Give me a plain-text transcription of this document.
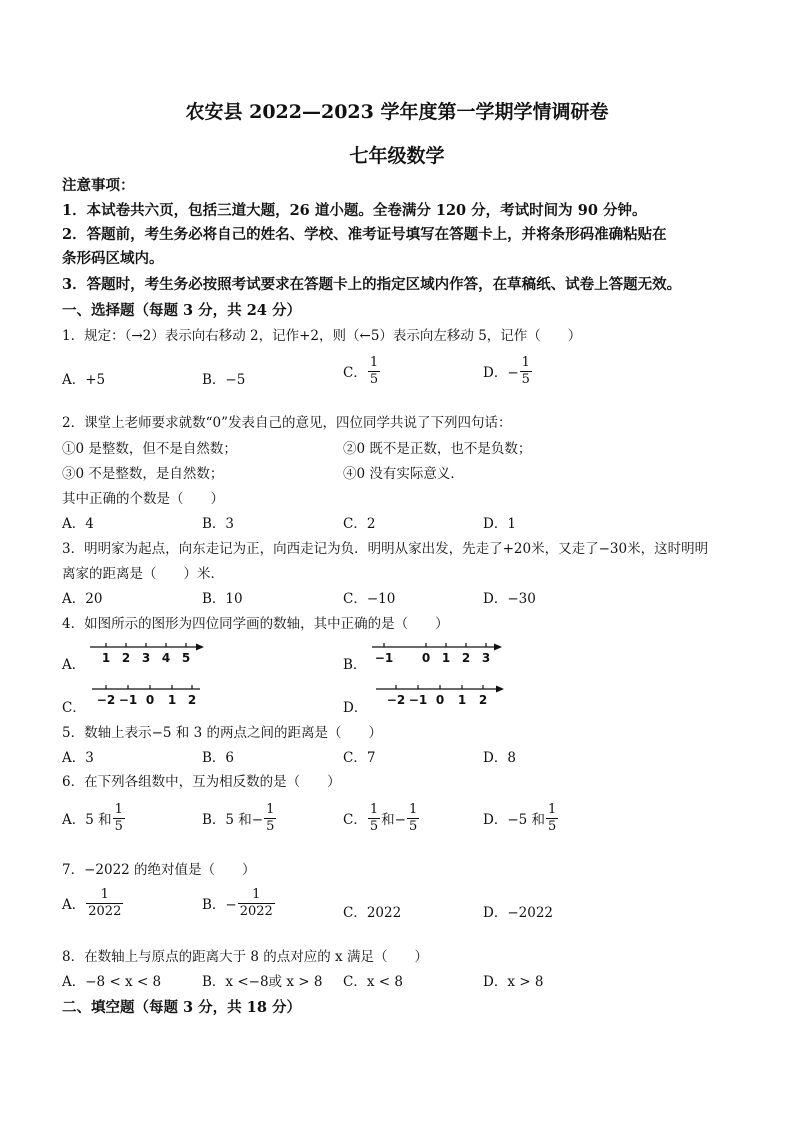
农安县 2022—2023 学年度第一学期学情调研卷
七年级数学
注意事项：
1．本试卷共六页，包括三道大题，26 道小题。全卷满分 120 分，考试时间为 90 分钟。
2．答题前，考生务必将自己的姓名、学校、准考证号填写在答题卡上，并将条形码准确粘贴在
条形码区域内。
3．答题时，考生务必按照考试要求在答题卡上的指定区域内作答，在草稿纸、试卷上答题无效。
一、选择题（每题 3 分，共 24 分）
1．规定：（→2）表示向右移动 2，记作+2，则（←5）表示向左移动 5，记作（　　）
A．+5	B．−5	C． $\frac{1}{5}$	D．− $\frac{1}{5}$
2．课堂上老师要求就数“0”发表自己的意见，四位同学共说了下列四句话：
①0 是整数，但不是自然数；	②0 既不是正数，也不是负数；
③0 不是整数，是自然数；	④0 没有实际意义．
其中正确的个数是（　　）
A．4	B．3	C．2	D．1
3．明明家为起点，向东走记为正，向西走记为负．明明从家出发，先走了+20米，又走了−30米，这时明明
离家的距离是（　　）米．
A．20	B．10	C．−10	D．−30
4．如图所示的图形为四位同学画的数轴，其中正确的是（　　）
A．	B．
C．	D．
1 2 3 4 5	−1 0 1 2 3
−2 −1 0 1 2	−2 −1 0 1 2
5．数轴上表示−5 和 3 的两点之间的距离是（　　）
A．3	B．6	C．7	D．8
6．在下列各组数中，互为相反数的是（　　）
A．5 和 $\frac{1}{5}$	B．5 和− $\frac{1}{5}$	C． $\frac{1}{5}$ 和− $\frac{1}{5}$	D．−5 和 $\frac{1}{5}$
7．−2022 的绝对值是（　　）
A． $\frac{1}{2022}$	B．− $\frac{1}{2022}$	C．2022	D．−2022
8．在数轴上与原点的距离大于 8 的点对应的 x 满足（　　）
A．−8 < x < 8	B．x <−8或 x > 8 C．x < 8	D．x > 8
二、填空题（每题 3 分，共 18 分）
